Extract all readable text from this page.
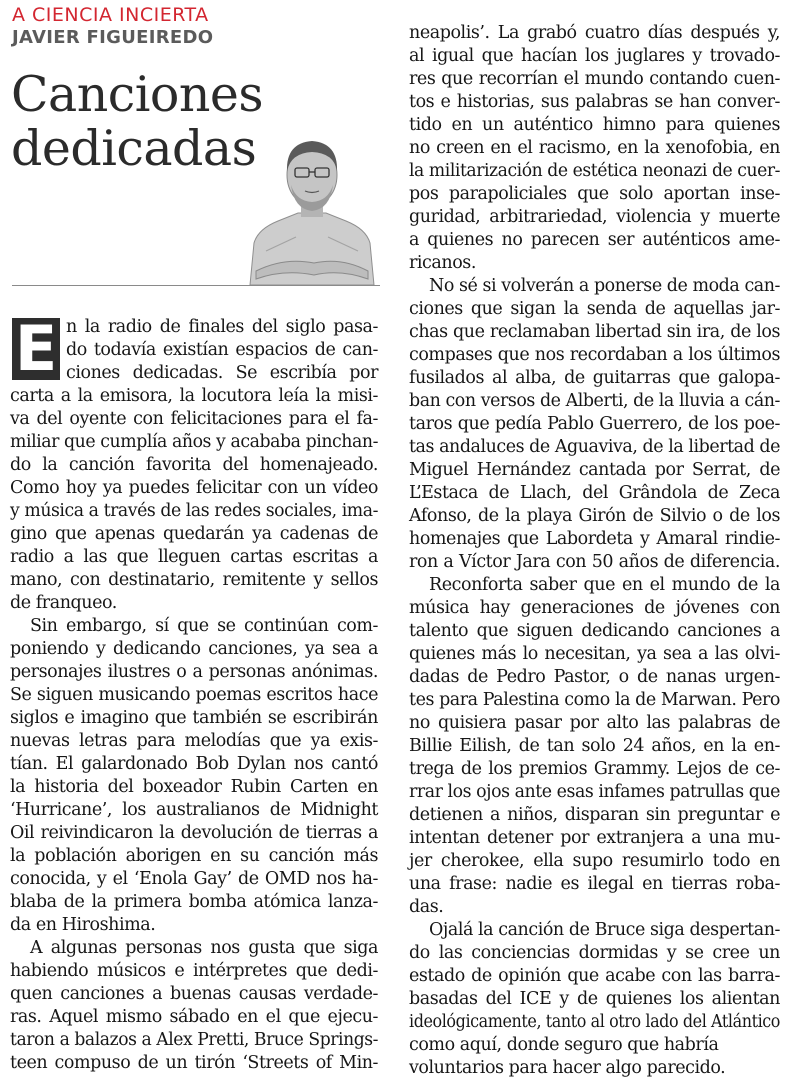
A CIENCIA INCIERTA
JAVIER FIGUEIREDO
Canciones
dedicadas
E n la radio de finales del siglo pasa-
do todavía existían espacios de can-
ciones dedicadas. Se escribía por
carta a la emisora, la locutora leía la misi-
va del oyente con felicitaciones para el fa-
miliar que cumplía años y acababa pinchan-
do la canción favorita del homenajeado.
Como hoy ya puedes felicitar con un vídeo
y música a través de las redes sociales, ima-
gino que apenas quedarán ya cadenas de
radio a las que lleguen cartas escritas a
mano, con destinatario, remitente y sellos
de franqueo.
Sin embargo, sí que se continúan com-
poniendo y dedicando canciones, ya sea a
personajes ilustres o a personas anónimas.
Se siguen musicando poemas escritos hace
siglos e imagino que también se escribirán
nuevas letras para melodías que ya exis-
tían. El galardonado Bob Dylan nos cantó
la historia del boxeador Rubin Carten en
‘Hurricane’, los australianos de Midnight
Oil reivindicaron la devolución de tierras a
la población aborigen en su canción más
conocida, y el ‘Enola Gay’ de OMD nos ha-
blaba de la primera bomba atómica lanza-
da en Hiroshima.
A algunas personas nos gusta que siga
habiendo músicos e intérpretes que dedi-
quen canciones a buenas causas verdade-
ras. Aquel mismo sábado en el que ejecu-
taron a balazos a Alex Pretti, Bruce Springs-
teen compuso de un tirón ‘Streets of Min-
neapolis’. La grabó cuatro días después y,
al igual que hacían los juglares y trovado-
res que recorrían el mundo contando cuen-
tos e historias, sus palabras se han conver-
tido en un auténtico himno para quienes
no creen en el racismo, en la xenofobia, en
la militarización de estética neonazi de cuer-
pos parapoliciales que solo aportan inse-
guridad, arbitrariedad, violencia y muerte
a quienes no parecen ser auténticos ame-
ricanos.
No sé si volverán a ponerse de moda can-
ciones que sigan la senda de aquellas jar-
chas que reclamaban libertad sin ira, de los
compases que nos recordaban a los últimos
fusilados al alba, de guitarras que galopa-
ban con versos de Alberti, de la lluvia a cán-
taros que pedía Pablo Guerrero, de los poe-
tas andaluces de Aguaviva, de la libertad de
Miguel Hernández cantada por Serrat, de
L’Estaca de Llach, del Grândola de Zeca
Afonso, de la playa Girón de Silvio o de los
homenajes que Labordeta y Amaral rindie-
ron a Víctor Jara con 50 años de diferencia.
Reconforta saber que en el mundo de la
música hay generaciones de jóvenes con
talento que siguen dedicando canciones a
quienes más lo necesitan, ya sea a las olvi-
dadas de Pedro Pastor, o de nanas urgen-
tes para Palestina como la de Marwan. Pero
no quisiera pasar por alto las palabras de
Billie Eilish, de tan solo 24 años, en la en-
trega de los premios Grammy. Lejos de ce-
rrar los ojos ante esas infames patrullas que
detienen a niños, disparan sin preguntar e
intentan detener por extranjera a una mu-
jer cherokee, ella supo resumirlo todo en
una frase: nadie es ilegal en tierras roba-
das.
Ojalá la canción de Bruce siga despertan-
do las conciencias dormidas y se cree un
estado de opinión que acabe con las barra-
basadas del ICE y de quienes los alientan
ideológicamente, tanto al otro lado del Atlántico
como aquí, donde seguro que habría
voluntarios para hacer algo parecido.
